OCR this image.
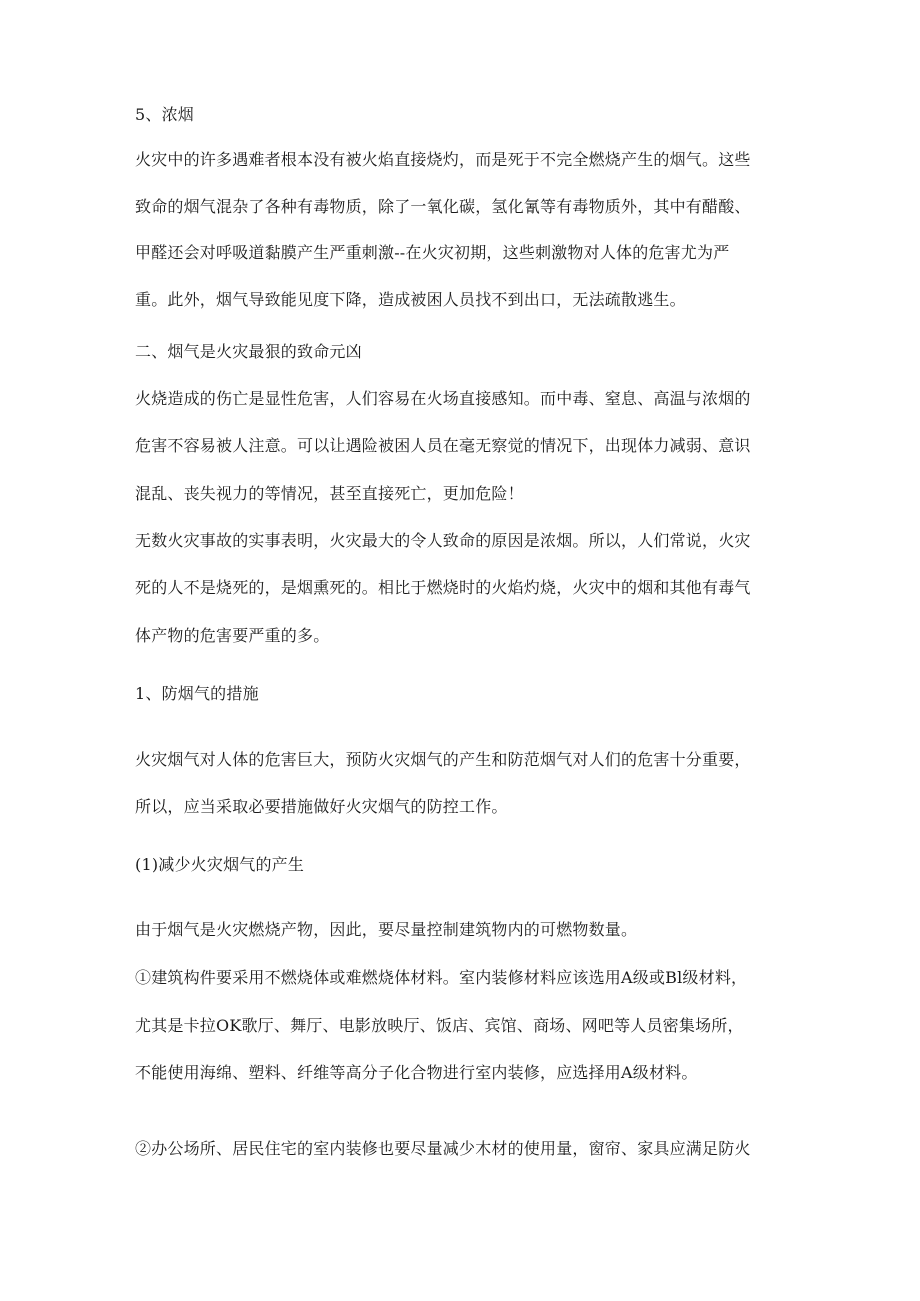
5、浓烟
火灾中的许多遇难者根本没有被火焰直接烧灼，而是死于不完全燃烧产生的烟气。这些
致命的烟气混杂了各种有毒物质，除了一氧化碳，氢化氰等有毒物质外，其中有醋酸、
甲醛还会对呼吸道黏膜产生严重刺激--在火灾初期，这些刺激物对人体的危害尤为严
重。此外，烟气导致能见度下降，造成被困人员找不到出口，无法疏散逃生。
二、烟气是火灾最狠的致命元凶
火烧造成的伤亡是显性危害，人们容易在火场直接感知。而中毒、窒息、高温与浓烟的
危害不容易被人注意。可以让遇险被困人员在毫无察觉的情况下，出现体力减弱、意识
混乱、丧失视力的等情况，甚至直接死亡，更加危险！
无数火灾事故的实事表明，火灾最大的令人致命的原因是浓烟。所以，人们常说，火灾
死的人不是烧死的，是烟熏死的。相比于燃烧时的火焰灼烧，火灾中的烟和其他有毒气
体产物的危害要严重的多。
1、防烟气的措施
火灾烟气对人体的危害巨大，预防火灾烟气的产生和防范烟气对人们的危害十分重要，
所以，应当采取必要措施做好火灾烟气的防控工作。
(1)减少火灾烟气的产生
由于烟气是火灾燃烧产物，因此，要尽量控制建筑物内的可燃物数量。
①建筑构件要采用不燃烧体或难燃烧体材料。室内装修材料应该选用A级或Bl级材料，
尤其是卡拉OK歌厅、舞厅、电影放映厅、饭店、宾馆、商场、网吧等人员密集场所，
不能使用海绵、塑料、纤维等高分子化合物进行室内装修，应选择用A级材料。
②办公场所、居民住宅的室内装修也要尽量减少木材的使用量，窗帘、家具应满足防火
